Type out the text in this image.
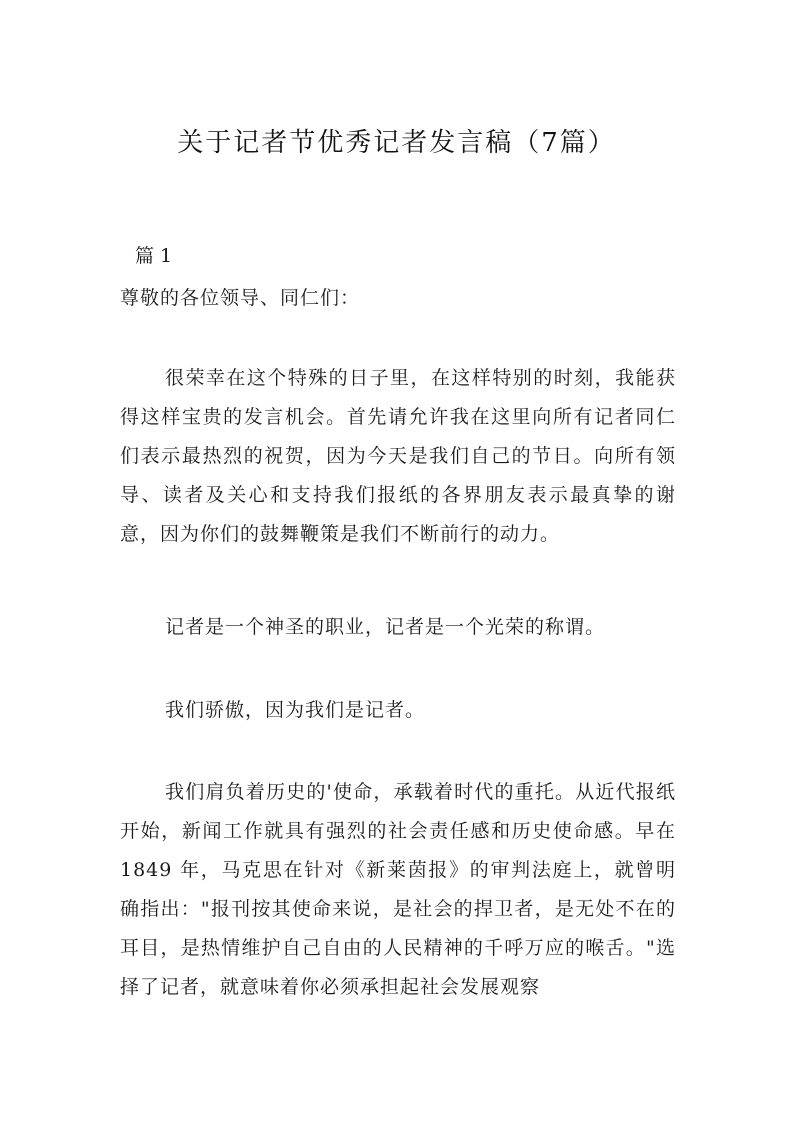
关于记者节优秀记者发言稿（7篇）
篇 1
尊敬的各位领导、同仁们：
很荣幸在这个特殊的日子里，在这样特别的时刻，我能获得这样宝贵的发言机会。首先请允许我在这里向所有记者同仁们表示最热烈的祝贺，因为今天是我们自己的节日。向所有领导、读者及关心和支持我们报纸的各界朋友表示最真挚的谢意，因为你们的鼓舞鞭策是我们不断前行的动力。
记者是一个神圣的职业，记者是一个光荣的称谓。
我们骄傲，因为我们是记者。
我们肩负着历史的'使命，承载着时代的重托。从近代报纸开始，新闻工作就具有强烈的社会责任感和历史使命感。早在 1849 年，马克思在针对《新莱茵报》的审判法庭上，就曾明确指出："报刊按其使命来说，是社会的捍卫者，是无处不在的耳目，是热情维护自己自由的人民精神的千呼万应的喉舌。"选择了记者，就意味着你必须承担起社会发展观察
